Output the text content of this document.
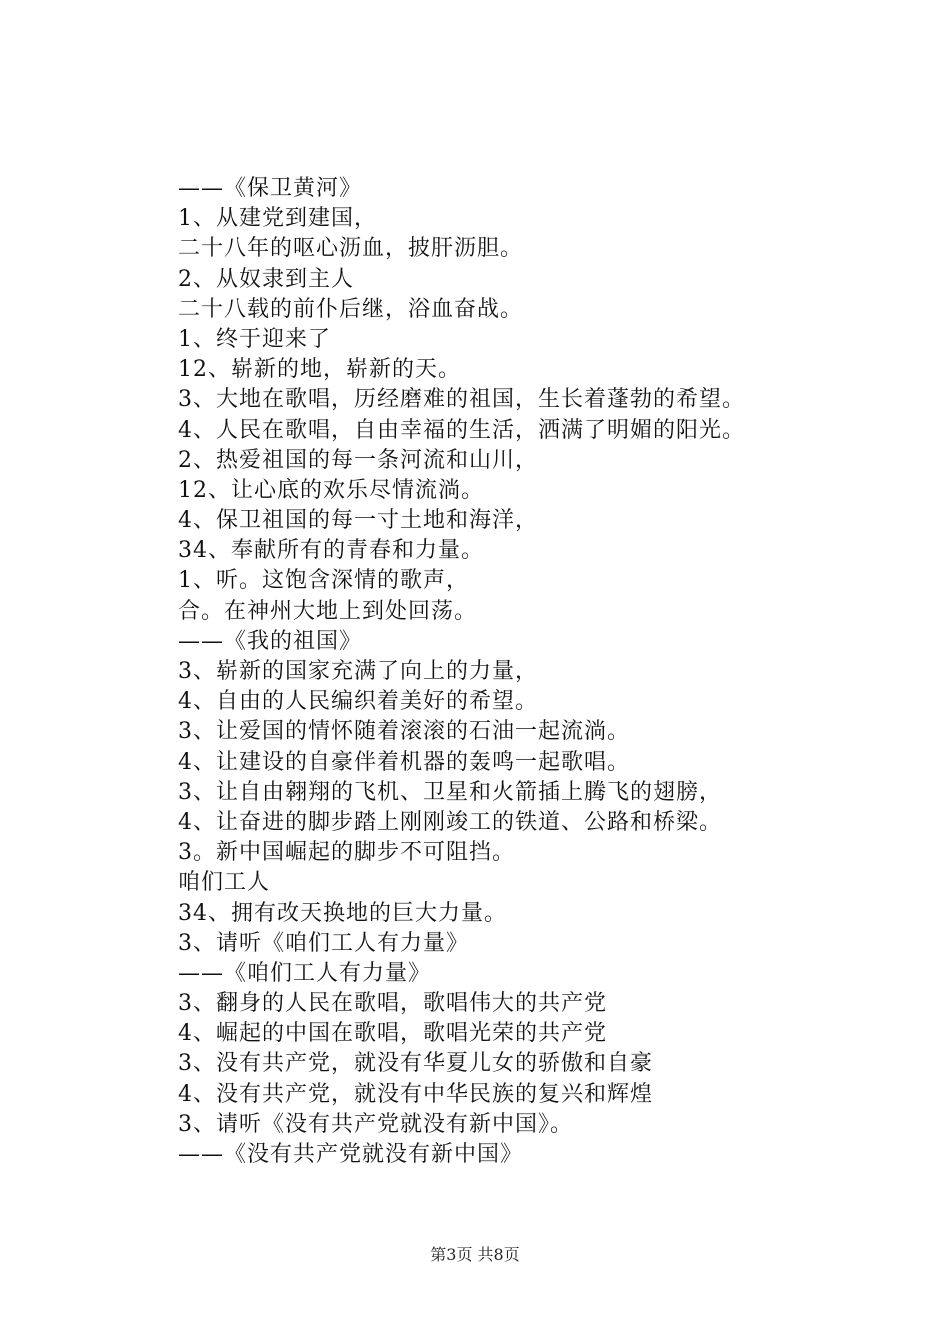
——《保卫黄河》
1、从建党到建国，
二十八年的呕心沥血，披肝沥胆。
2、从奴隶到主人
二十八载的前仆后继，浴血奋战。
1、终于迎来了
12、崭新的地，崭新的天。
3、大地在歌唱，历经磨难的祖国，生长着蓬勃的希望。
4、人民在歌唱，自由幸福的生活，洒满了明媚的阳光。
2、热爱祖国的每一条河流和山川，
12、让心底的欢乐尽情流淌。
4、保卫祖国的每一寸土地和海洋，
34、奉献所有的青春和力量。
1、听。这饱含深情的歌声，
合。在神州大地上到处回荡。
——《我的祖国》
3、崭新的国家充满了向上的力量，
4、自由的人民编织着美好的希望。
3、让爱国的情怀随着滚滚的石油一起流淌。
4、让建设的自豪伴着机器的轰鸣一起歌唱。
3、让自由翱翔的飞机、卫星和火箭插上腾飞的翅膀，
4、让奋进的脚步踏上刚刚竣工的铁道、公路和桥梁。
3。新中国崛起的脚步不可阻挡。
咱们工人
34、拥有改天换地的巨大力量。
3、请听《咱们工人有力量》
——《咱们工人有力量》
3、翻身的人民在歌唱，歌唱伟大的共产党
4、崛起的中国在歌唱，歌唱光荣的共产党
3、没有共产党，就没有华夏儿女的骄傲和自豪
4、没有共产党，就没有中华民族的复兴和辉煌
3、请听《没有共产党就没有新中国》。
——《没有共产党就没有新中国》
第3页 共8页
